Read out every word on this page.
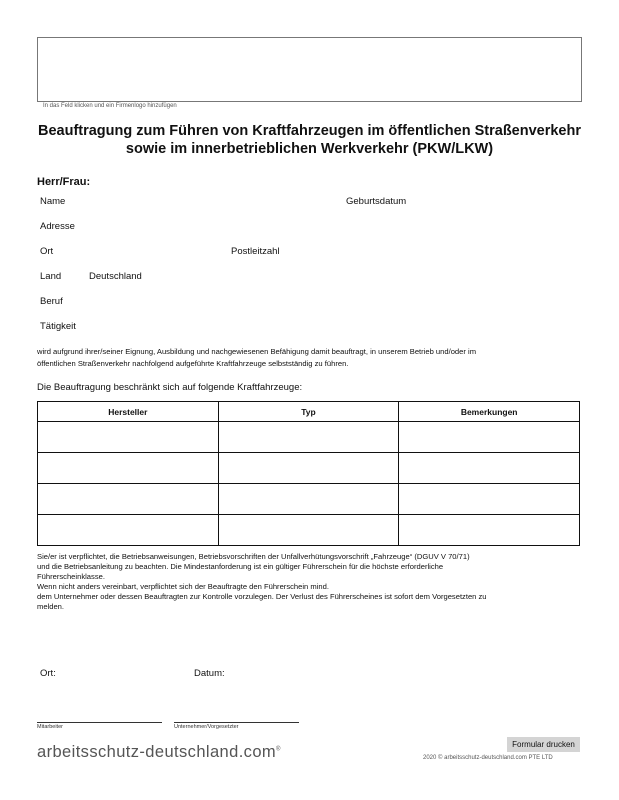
In das Feld klicken und ein Firmenlogo hinzufügen
Beauftragung zum Führen von Kraftfahrzeugen im öffentlichen Straßenverkehr
sowie im innerbetrieblichen Werkverkehr (PKW/LKW)
Herr/Frau:
Name	Geburtsdatum
Adresse
Ort	Postleitzahl
Land	Deutschland
Beruf
Tätigkeit
wird aufgrund ihrer/seiner Eignung, Ausbildung und nachgewiesenen Befähigung damit beauftragt, in unserem Betrieb und/oder im
öffentlichen Straßenverkehr nachfolgend aufgeführte Kraftfahrzeuge selbstständig zu führen.
Die Beauftragung beschränkt sich auf folgende Kraftfahrzeuge:
Hersteller	Typ	Bemerkungen

Sie/er ist verpflichtet, die Betriebsanweisungen, Betriebsvorschriften der Unfallverhütungsvorschrift „Fahrzeuge“ (DGUV V 70/71)
und die Betriebsanleitung zu beachten. Die Mindestanforderung ist ein gültiger Führerschein für die höchste erforderliche
Führerscheinklasse.
Wenn nicht anders vereinbart, verpflichtet sich der Beauftragte den Führerschein mind.
dem Unternehmer oder dessen Beauftragten zur Kontrolle vorzulegen. Der Verlust des Führerscheines ist sofort dem Vorgesetzten zu
melden.
Ort:	Datum:
Mitarbeiter	Unternehmer/Vorgesetzter
arbeitsschutz-deutschland.com®
Formular drucken
2020 © arbeitsschutz-deutschland.com PTE LTD
